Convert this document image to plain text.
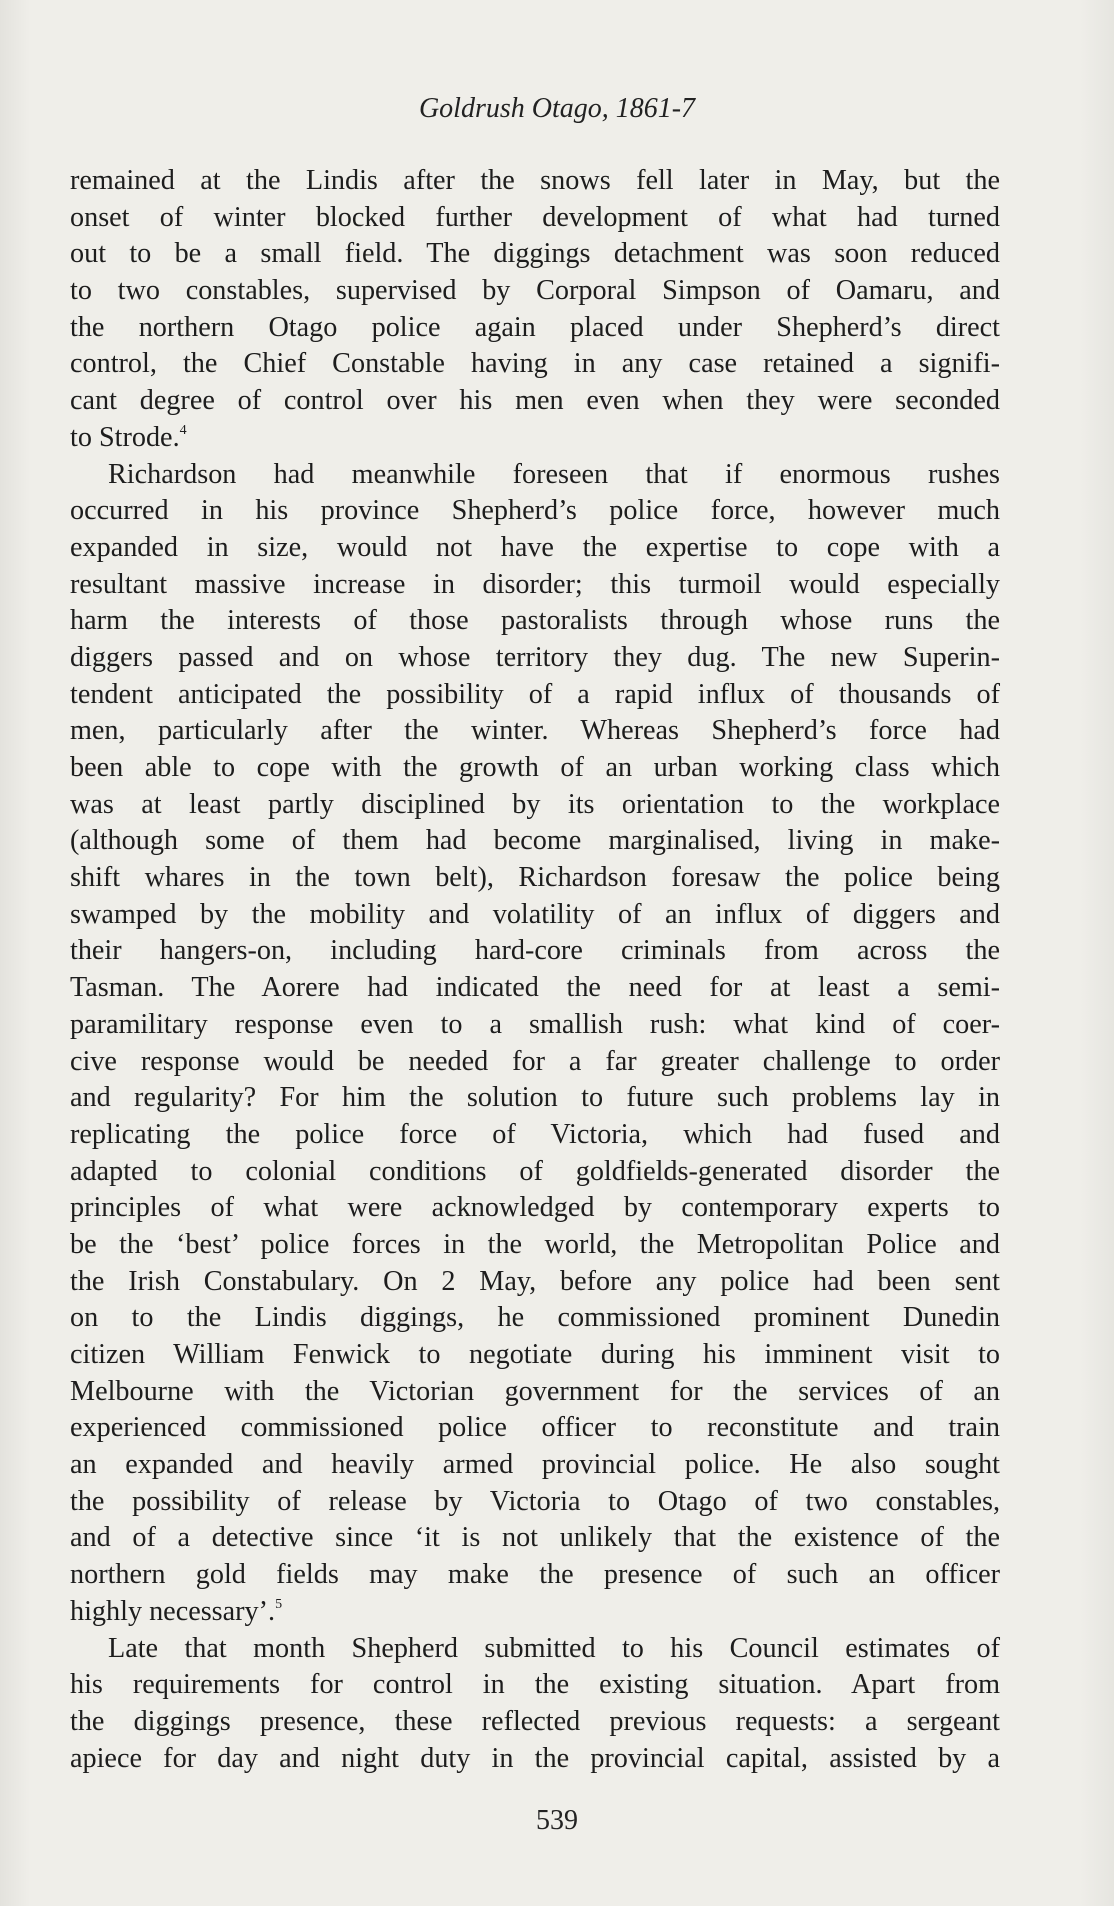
Goldrush Otago, 1861-7
remained at the Lindis after the snows fell later in May, but the
onset of winter blocked further development of what had turned
out to be a small field. The diggings detachment was soon reduced
to two constables, supervised by Corporal Simpson of Oamaru, and
the northern Otago police again placed under Shepherd’s direct
control, the Chief Constable having in any case retained a signifi-
cant degree of control over his men even when they were seconded
to Strode.$^4$
Richardson had meanwhile foreseen that if enormous rushes
occurred in his province Shepherd’s police force, however much
expanded in size, would not have the expertise to cope with a
resultant massive increase in disorder; this turmoil would especially
harm the interests of those pastoralists through whose runs the
diggers passed and on whose territory they dug. The new Superin-
tendent anticipated the possibility of a rapid influx of thousands of
men, particularly after the winter. Whereas Shepherd’s force had
been able to cope with the growth of an urban working class which
was at least partly disciplined by its orientation to the workplace
(although some of them had become marginalised, living in make-
shift whares in the town belt), Richardson foresaw the police being
swamped by the mobility and volatility of an influx of diggers and
their hangers-on, including hard-core criminals from across the
Tasman. The Aorere had indicated the need for at least a semi-
paramilitary response even to a smallish rush: what kind of coer-
cive response would be needed for a far greater challenge to order
and regularity? For him the solution to future such problems lay in
replicating the police force of Victoria, which had fused and
adapted to colonial conditions of goldfields-generated disorder the
principles of what were acknowledged by contemporary experts to
be the ‘best’ police forces in the world, the Metropolitan Police and
the Irish Constabulary. On 2 May, before any police had been sent
on to the Lindis diggings, he commissioned prominent Dunedin
citizen William Fenwick to negotiate during his imminent visit to
Melbourne with the Victorian government for the services of an
experienced commissioned police officer to reconstitute and train
an expanded and heavily armed provincial police. He also sought
the possibility of release by Victoria to Otago of two constables,
and of a detective since ‘it is not unlikely that the existence of the
northern gold fields may make the presence of such an officer
highly necessary’.$^5$
Late that month Shepherd submitted to his Council estimates of
his requirements for control in the existing situation. Apart from
the diggings presence, these reflected previous requests: a sergeant
apiece for day and night duty in the provincial capital, assisted by a
539
